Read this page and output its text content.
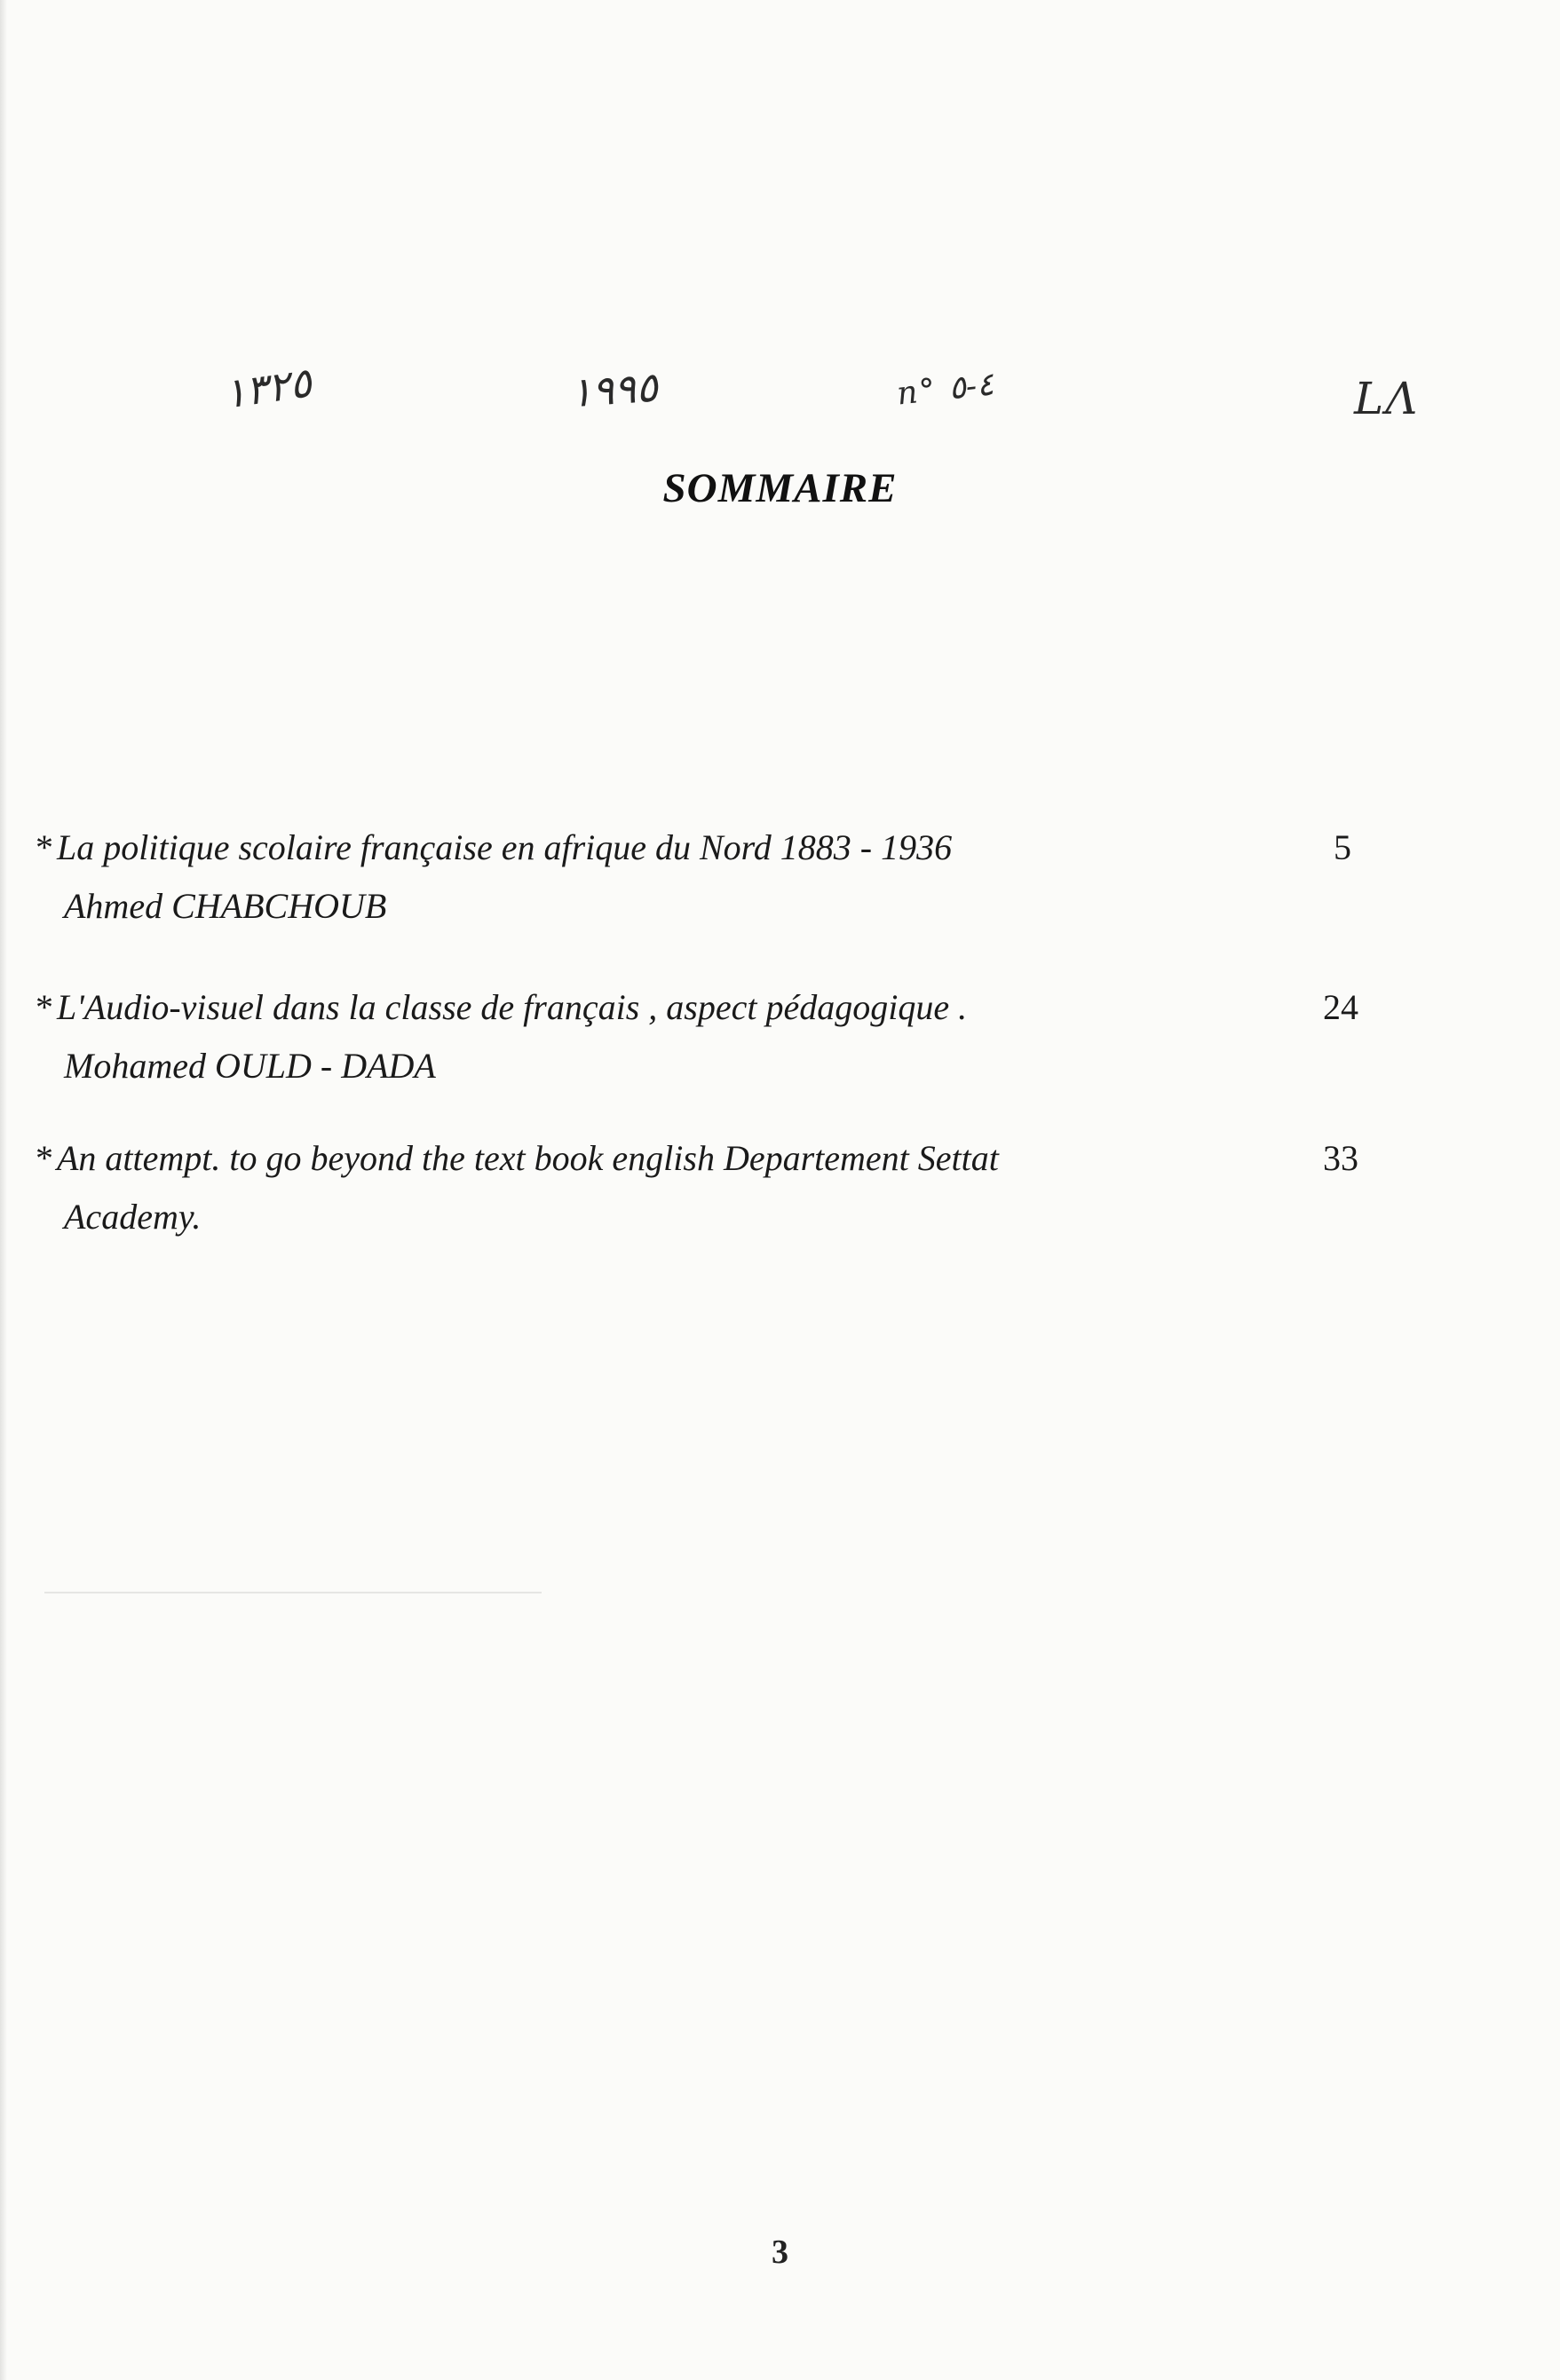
١٣٢٥	١٩٩٥	n° ٤-٥	LΛ
SOMMAIRE
* La politique scolaire française en afrique du Nord 1883 - 1936	5
Ahmed CHABCHOUB
* L'Audio-visuel dans la classe de français , aspect pédagogique .	24
Mohamed OULD - DADA
* An attempt. to go beyond the text book english Departement Settat	33
Academy.
3
